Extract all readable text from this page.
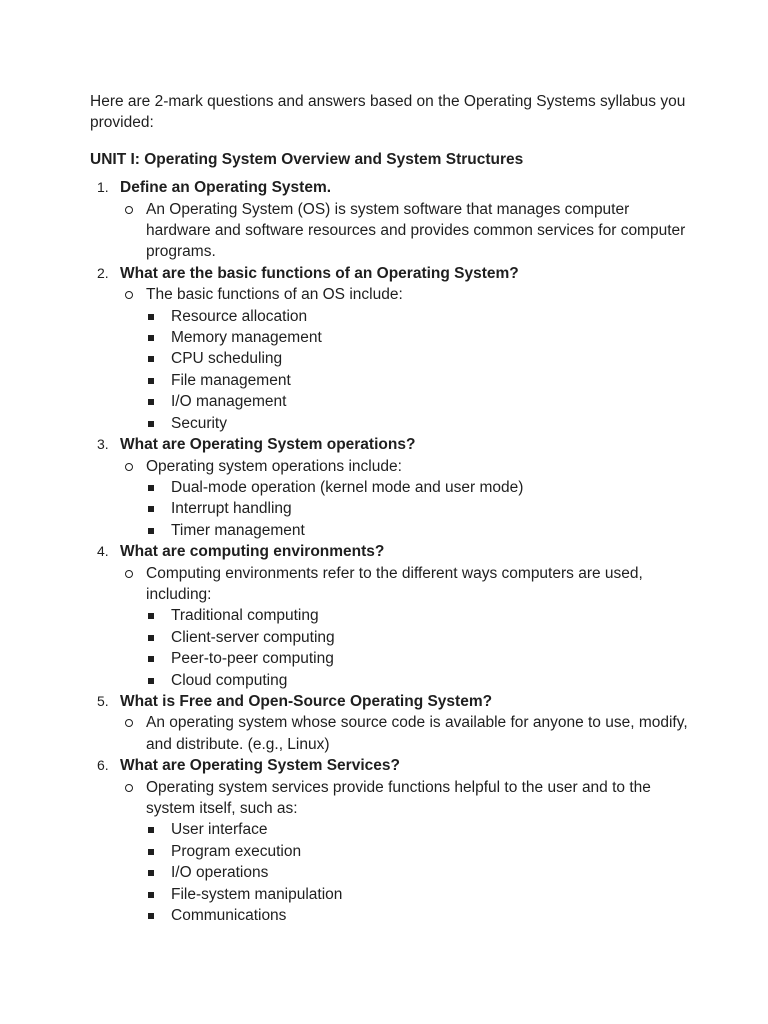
Here are 2-mark questions and answers based on the Operating Systems syllabus you provided:

UNIT I: Operating System Overview and System Structures
1. Define an Operating System.
An Operating System (OS) is system software that manages computer hardware and software resources and provides common services for computer programs.
2. What are the basic functions of an Operating System?
The basic functions of an OS include:
Resource allocation
Memory management
CPU scheduling
File management
I/O management
Security
3. What are Operating System operations?
Operating system operations include:
Dual-mode operation (kernel mode and user mode)
Interrupt handling
Timer management
4. What are computing environments?
Computing environments refer to the different ways computers are used, including:
Traditional computing
Client-server computing
Peer-to-peer computing
Cloud computing
5. What is Free and Open-Source Operating System?
An operating system whose source code is available for anyone to use, modify, and distribute. (e.g., Linux)
6. What are Operating System Services?
Operating system services provide functions helpful to the user and to the system itself, such as:
User interface
Program execution
I/O operations
File-system manipulation
Communications
